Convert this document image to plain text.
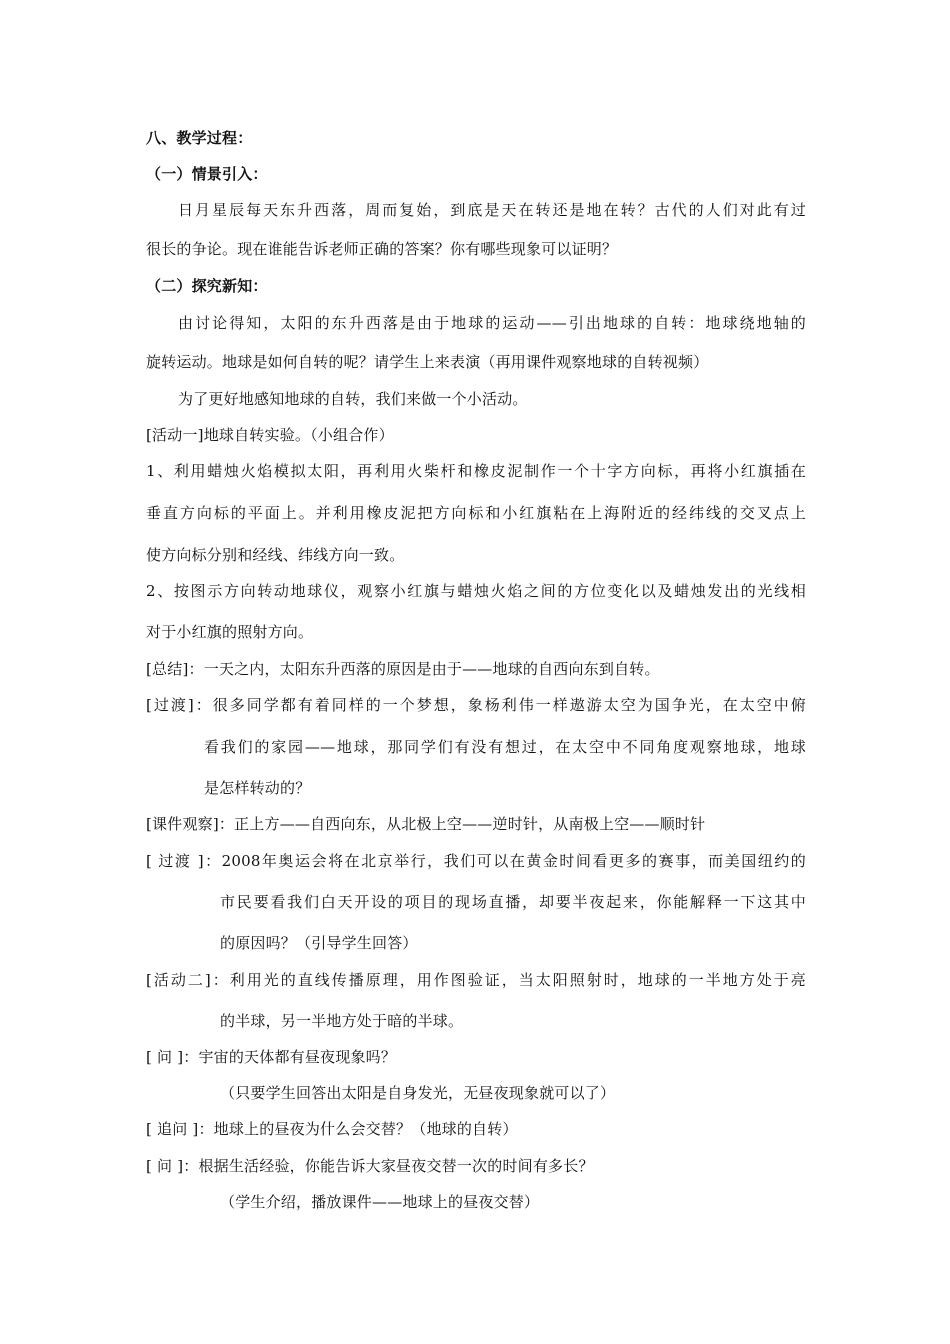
八、教学过程：
（一）情景引入：
日月星辰每天东升西落，周而复始，到底是天在转还是地在转？古代的人们对此有过
很长的争论。现在谁能告诉老师正确的答案？你有哪些现象可以证明？
（二）探究新知：
由讨论得知，太阳的东升西落是由于地球的运动——引出地球的自转：地球绕地轴的
旋转运动。地球是如何自转的呢？请学生上来表演（再用课件观察地球的自转视频）
为了更好地感知地球的自转，我们来做一个小活动。
[活动一]地球自转实验。（小组合作）
1、利用蜡烛火焰模拟太阳，再利用火柴杆和橡皮泥制作一个十字方向标，再将小红旗插在
垂直方向标的平面上。并利用橡皮泥把方向标和小红旗粘在上海附近的经纬线的交叉点上
使方向标分别和经线、纬线方向一致。
2、按图示方向转动地球仪，观察小红旗与蜡烛火焰之间的方位变化以及蜡烛发出的光线相
对于小红旗的照射方向。
[总结]：一天之内，太阳东升西落的原因是由于——地球的自西向东到自转。
[过渡]：很多同学都有着同样的一个梦想，象杨利伟一样遨游太空为国争光，在太空中俯
看我们的家园——地球，那同学们有没有想过，在太空中不同角度观察地球，地球
是怎样转动的？
[课件观察]：正上方——自西向东，从北极上空——逆时针，从南极上空——顺时针
[ 过渡 ]：2008年奥运会将在北京举行，我们可以在黄金时间看更多的赛事，而美国纽约的
市民要看我们白天开设的项目的现场直播，却要半夜起来，你能解释一下这其中
的原因吗？（引导学生回答）
[活动二]：利用光的直线传播原理，用作图验证，当太阳照射时，地球的一半地方处于亮
的半球，另一半地方处于暗的半球。
[ 问 ]：宇宙的天体都有昼夜现象吗？
（只要学生回答出太阳是自身发光，无昼夜现象就可以了）
[ 追问 ]：地球上的昼夜为什么会交替？（地球的自转）
[ 问 ]：根据生活经验，你能告诉大家昼夜交替一次的时间有多长？
（学生介绍，播放课件——地球上的昼夜交替）
